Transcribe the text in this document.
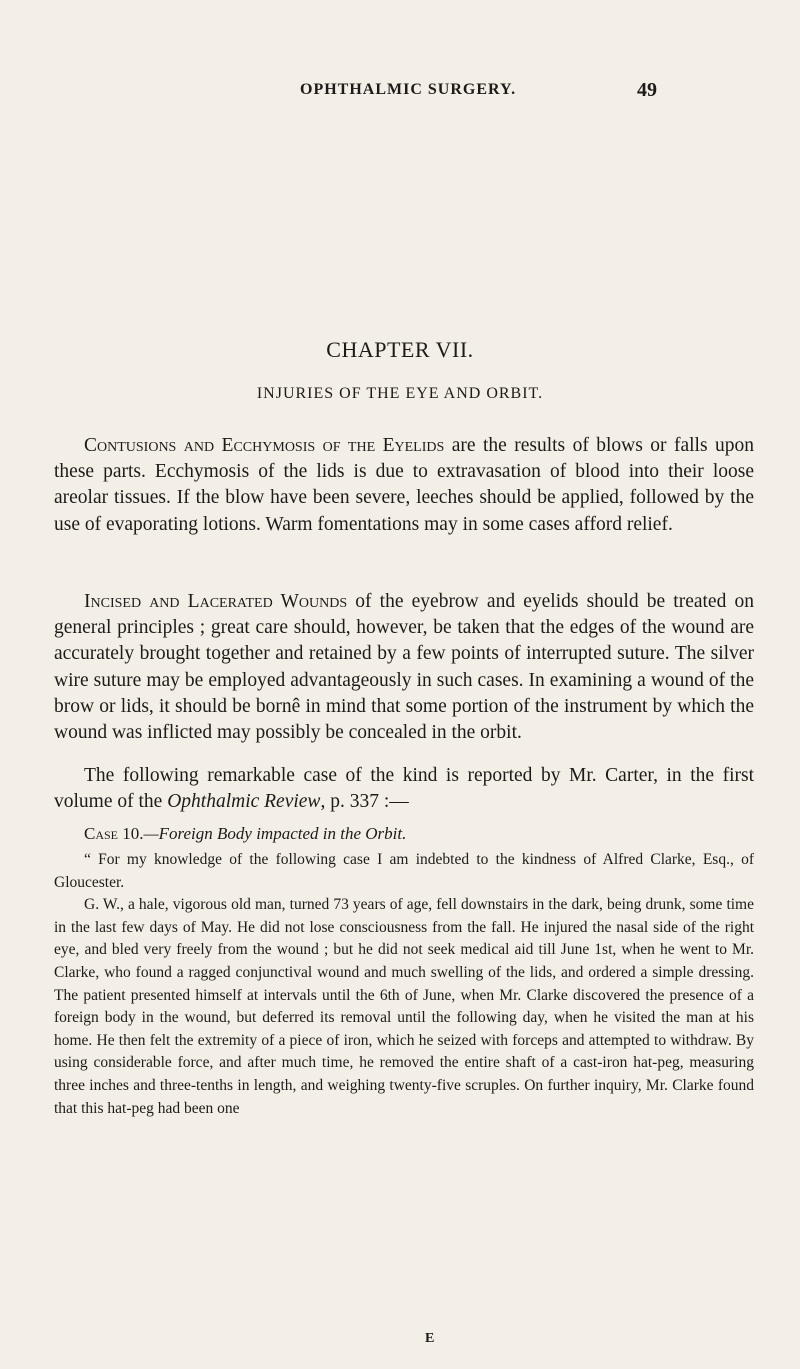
OPHTHALMIC SURGERY.	49
CHAPTER VII.
INJURIES OF THE EYE AND ORBIT.

Contusions and Ecchymosis of the Eyelids are the results of blows or falls upon these parts. Ecchymosis of the lids is due to extravasation of blood into their loose areolar tissues. If the blow have been severe, leeches should be applied, followed by the use of evaporating lotions. Warm fomentations may in some cases afford relief.

Incised and Lacerated Wounds of the eyebrow and eyelids should be treated on general principles ; great care should, however, be taken that the edges of the wound are accurately brought together and retained by a few points of interrupted suture. The silver wire suture may be employed advantageously in such cases. In examining a wound of the brow or lids, it should be bornê in mind that some portion of the instrument by which the wound was inflicted may possibly be concealed in the orbit.

The following remarkable case of the kind is reported by Mr. Carter, in the first volume of the Ophthalmic Review, p. 337 :—

Case 10.—Foreign Body impacted in the Orbit.

“ For my knowledge of the following case I am indebted to the kindness of Alfred Clarke, Esq., of Gloucester.

G. W., a hale, vigorous old man, turned 73 years of age, fell downstairs in the dark, being drunk, some time in the last few days of May. He did not lose consciousness from the fall. He injured the nasal side of the right eye, and bled very freely from the wound ; but he did not seek medical aid till June 1st, when he went to Mr. Clarke, who found a ragged conjunctival wound and much swelling of the lids, and ordered a simple dressing. The patient presented himself at intervals until the 6th of June, when Mr. Clarke discovered the presence of a foreign body in the wound, but deferred its removal until the following day, when he visited the man at his home. He then felt the extremity of a piece of iron, which he seized with forceps and attempted to withdraw. By using considerable force, and after much time, he removed the entire shaft of a cast-iron hat-peg, measuring three inches and three-tenths in length, and weighing twenty-five scruples. On further inquiry, Mr. Clarke found that this hat-peg had been one

E
